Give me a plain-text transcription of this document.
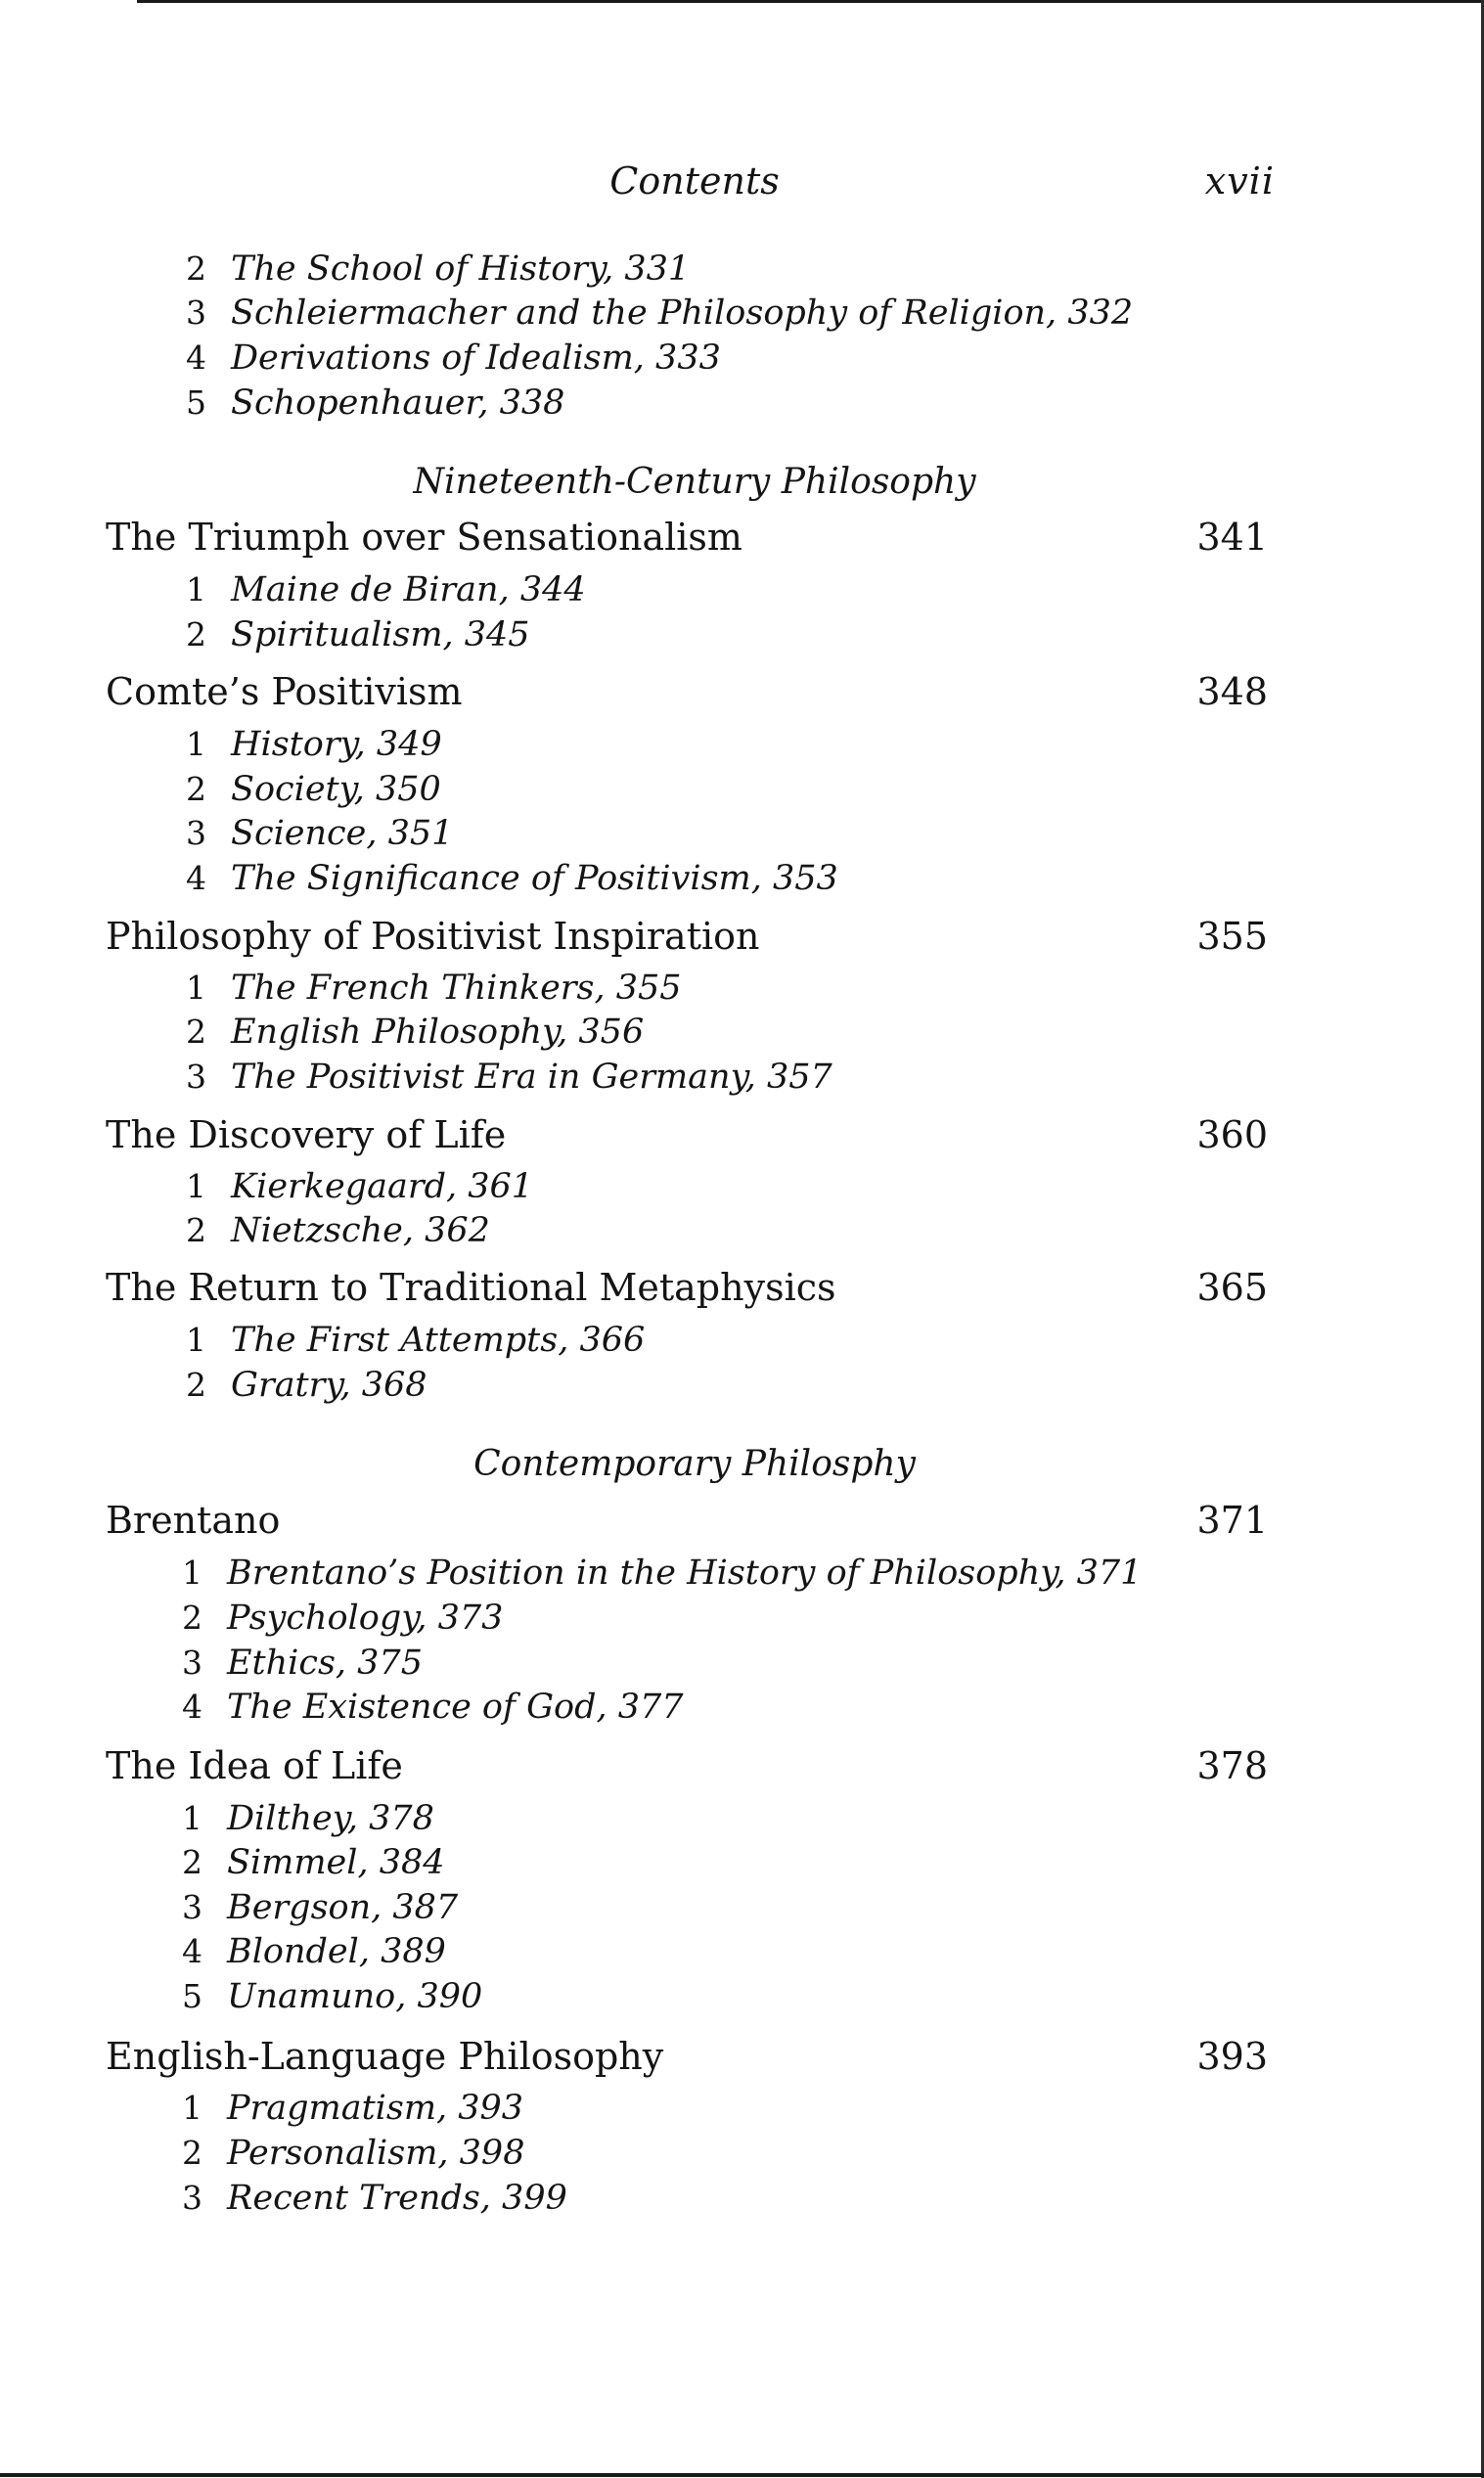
Contents	xvii
2 The School of History, 331
3 Schleiermacher and the Philosophy of Religion, 332
4 Derivations of Idealism, 333
5 Schopenhauer, 338
Nineteenth-Century Philosophy
The Triumph over Sensationalism	341
1 Maine de Biran, 344
2 Spiritualism, 345
Comte’s Positivism	348
1 History, 349
2 Society, 350
3 Science, 351
4 The Significance of Positivism, 353
Philosophy of Positivist Inspiration	355
1 The French Thinkers, 355
2 English Philosophy, 356
3 The Positivist Era in Germany, 357
The Discovery of Life	360
1 Kierkegaard, 361
2 Nietzsche, 362
The Return to Traditional Metaphysics	365
1 The First Attempts, 366
2 Gratry, 368
Contemporary Philosphy
Brentano	371
1 Brentano’s Position in the History of Philosophy, 371
2 Psychology, 373
3 Ethics, 375
4 The Existence of God, 377
The Idea of Life	378
1 Dilthey, 378
2 Simmel, 384
3 Bergson, 387
4 Blondel, 389
5 Unamuno, 390
English-Language Philosophy	393
1 Pragmatism, 393
2 Personalism, 398
3 Recent Trends, 399
